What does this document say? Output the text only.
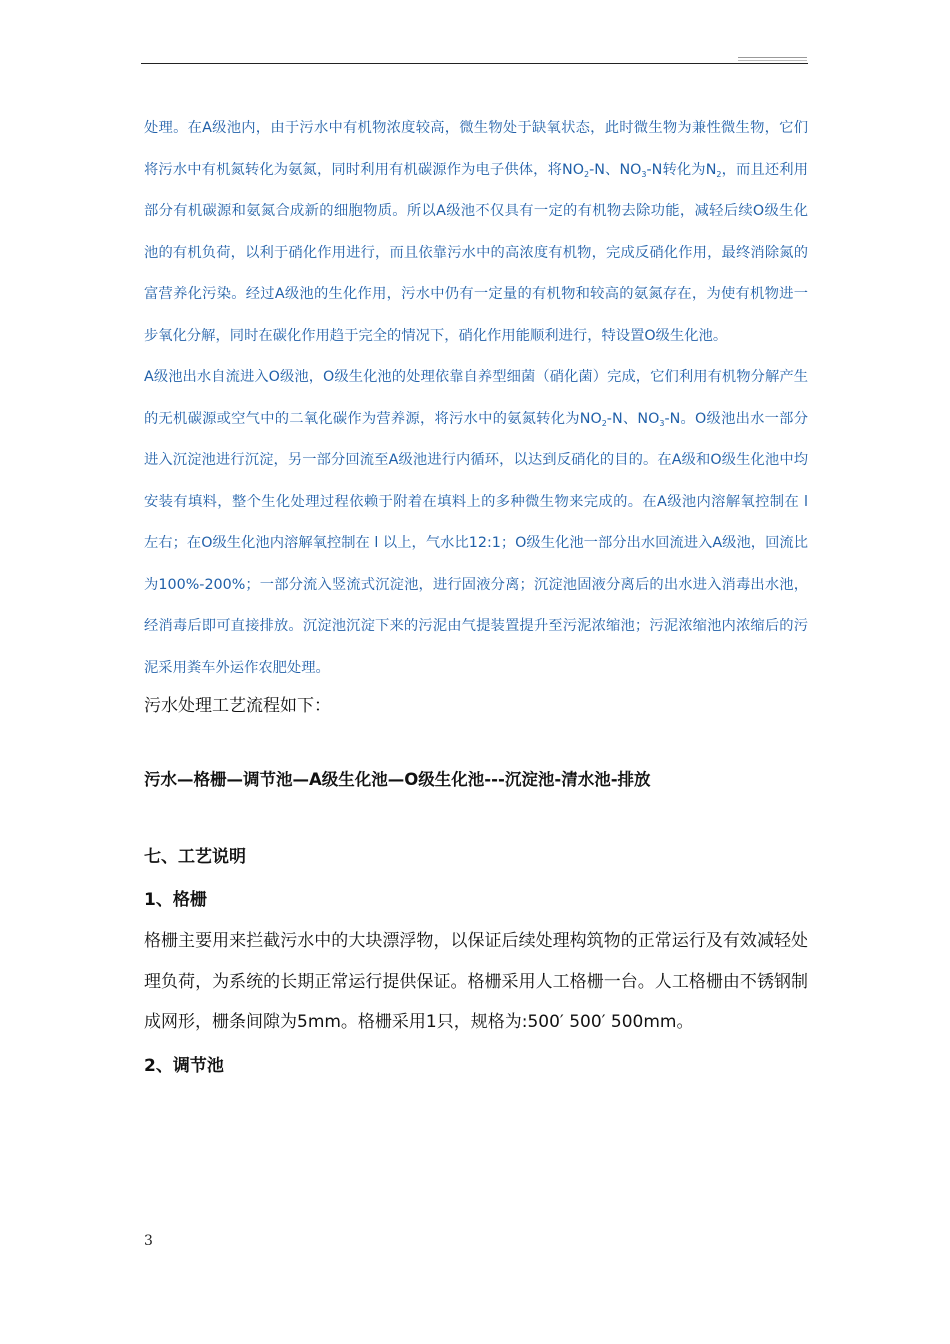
处理。在A级池内，由于污水中有机物浓度较高，微生物处于缺氧状态，此时微生物为兼性微生物，它们将污水中有机氮转化为氨氮，同时利用有机碳源作为电子供体，将$NO_2-N$、$NO_3-N$转化为$N_2$，而且还利用部分有机碳源和氨氮合成新的细胞物质。所以A级池不仅具有一定的有机物去除功能，减轻后续O级生化池的有机负荷，以利于硝化作用进行，而且依靠污水中的高浓度有机物，完成反硝化作用，最终消除氮的富营养化污染。经过A级池的生化作用，污水中仍有一定量的有机物和较高的氨氮存在，为使有机物进一步氧化分解，同时在碳化作用趋于完全的情况下，硝化作用能顺利进行，特设置O级生化池。

A级池出水自流进入O级池，O级生化池的处理依靠自养型细菌（硝化菌）完成，它们利用有机物分解产生的无机碳源或空气中的二氧化碳作为营养源，将污水中的氨氮转化为$NO_2-N$、$NO_3-N$。O级池出水一部分进入沉淀池进行沉淀，另一部分回流至A级池进行内循环，以达到反硝化的目的。在A级和O级生化池中均安装有填料，整个生化处理过程依赖于附着在填料上的多种微生物来完成的。在A级池内溶解氧控制在 l 左右；在O级生化池内溶解氧控制在 l 以上，气水比12:1；O级生化池一部分出水回流进入A级池，回流比为100%-200%；一部分流入竖流式沉淀池，进行固液分离；沉淀池固液分离后的出水进入消毒出水池，经消毒后即可直接排放。沉淀池沉淀下来的污泥由气提装置提升至污泥浓缩池；污泥浓缩池内浓缩后的污泥采用粪车外运作农肥处理。

污水处理工艺流程如下：

污水—格栅—调节池—A级生化池—O级生化池---沉淀池-清水池-排放

七、工艺说明

1、格栅

格栅主要用来拦截污水中的大块漂浮物，以保证后续处理构筑物的正常运行及有效减轻处理负荷，为系统的长期正常运行提供保证。格栅采用人工格栅一台。人工格栅由不锈钢制成网形，栅条间隙为5mm。格栅采用1只，规格为:500′ 500′ 500mm。

2、调节池

3
